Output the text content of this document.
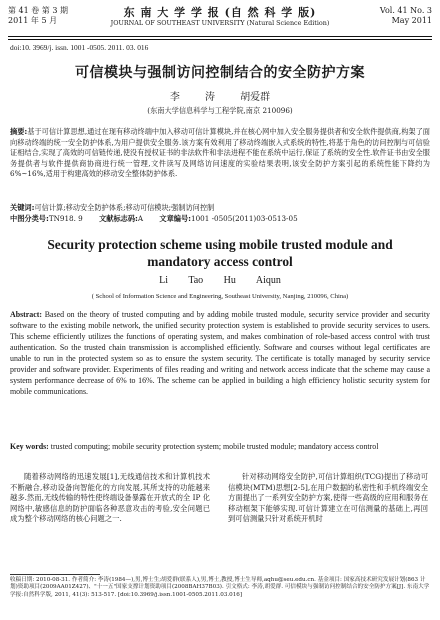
第 41 卷 第 3 期
2011 年 5 月
东 南 大 学 学 报 (自 然 科 学 版)
JOURNAL OF SOUTHEAST UNIVERSITY (Natural Science Edition)
Vol. 41 No. 3
May 2011
doi:10. 3969/j. issn. 1001 -0505. 2011. 03. 016
可信模块与强制访问控制结合的安全防护方案
李 涛 胡爱群
(东南大学信息科学与工程学院,南京 210096)
摘要:基于可信计算思想,通过在现有移动终端中加入移动可信计算模块,并在核心网中加入安全服务提供者和安全软件提供商,构架了面向移动终端的统一安全防护体系,为用户提供安全服务.该方案有效利用了移动终端嵌入式系统的特性,将基于角色的访问控制与可信验证相结合,实现了高效的可信链传递,使没有授权证书的非法软件和非法进程不能在系统中运行,保证了系统的安全性.软件证书由安全服务提供者与软件提供商协商进行统一管理,文件读写及网络访问速度的实验结果表明,该安全防护方案引起的系统性能下降约为 6%~16%,适用于构建高效的移动安全整体防护体系.
关键词:可信计算;移动安全防护体系;移动可信模块;强制访问控制
中图分类号:TN918. 9 文献标志码:A 文章编号:1001 -0505(2011)03-0513-05
Security protection scheme using mobile trusted module and mandatory access control
Li Tao Hu Aiqun
( School of Information Science and Engineering, Southeast University, Nanjing, 210096, China)
Abstract: Based on the theory of trusted computing and by adding mobile trusted module, security service provider and security software to the existing mobile network, the unified security protection system is established to provide security services to users. This scheme efficiently utilizes the functions of operating system, and makes combination of role-based access control with trust authentication. So the trusted chain transmission is accomplished efficiently. Software and courses without legal certificates are unable to run in the protected system so as to ensure the system security. The certificate is totally managed by security service provider and software provider. Experiments of files reading and writing and network access indicate that the scheme may cause a system performance decrease of 6% to 16%. The scheme can be applied in building a high efficiency holistic security system for mobile communications.
Key words: trusted computing; mobile security protection system; mobile trusted module; mandatory access control
随着移动网络的迅速发展[1],无线通信技术和计算机技术不断融合,移动设备向智能化的方向发展,其所支持的功能越来越多.然而,无线传输的特性使终端设备暴露在开放式的全 IP 化网络中,敏感信息的防护面临各种恶意攻击的考验,安全问题已成为整个移动网络的核心问题之一.
针对移动网络安全防护,可信计算组织(TCG)提出了移动可信模块(MTM)思想[2-5],在用户数据的私密性和手机终端安全方面提出了一系列安全防护方案,使得一些高级的应用和服务在移动框架下能够实现.可信计算建立在可信测量的基础上,再回到可信测量只针对系统开机时
收稿日期: 2010-08-31. 作者简介: 李涛(1984—),男,博士生;胡爱群(联系人),男,博士,教授,博士生导师,aqhu@seu.edu.cn. 基金项目: 国家高技术研究发展计划(863 计划)资助项目(2009AA01Z427)、"十一五"国家支撑计划资助项目(2008BAH37B03). 引文格式: 李涛,胡爱群. 可信模块与强制访问控制结合的安全防护方案[J]. 东南大学学报:自然科学版, 2011, 41(3): 513-517. [doi:10.3969/j.issn.1001-0505.2011.03.016]
